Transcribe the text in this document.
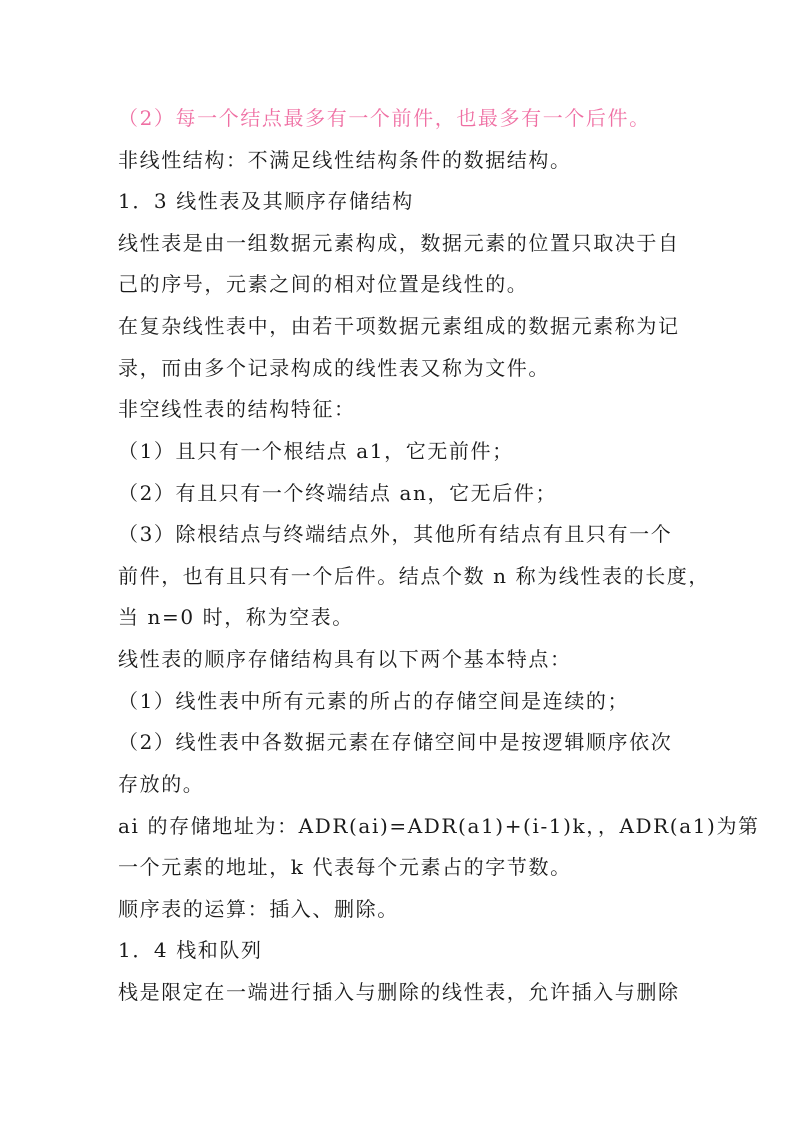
（2）每一个结点最多有一个前件，也最多有一个后件。
非线性结构：不满足线性结构条件的数据结构。
1．3 线性表及其顺序存储结构
线性表是由一组数据元素构成，数据元素的位置只取决于自
己的序号，元素之间的相对位置是线性的。
在复杂线性表中，由若干项数据元素组成的数据元素称为记
录，而由多个记录构成的线性表又称为文件。
非空线性表的结构特征：
（1）且只有一个根结点 a1，它无前件；
（2）有且只有一个终端结点 an，它无后件；
（3）除根结点与终端结点外，其他所有结点有且只有一个
前件，也有且只有一个后件。结点个数 n 称为线性表的长度，
当 n=0 时，称为空表。
线性表的顺序存储结构具有以下两个基本特点：
（1）线性表中所有元素的所占的存储空间是连续的；
（2）线性表中各数据元素在存储空间中是按逻辑顺序依次
存放的。
ai 的存储地址为：ADR(ai)=ADR(a1)+(i-1)k，，ADR(a1)为第
一个元素的地址，k 代表每个元素占的字节数。
顺序表的运算：插入、删除。
1．4 栈和队列
栈是限定在一端进行插入与删除的线性表，允许插入与删除
